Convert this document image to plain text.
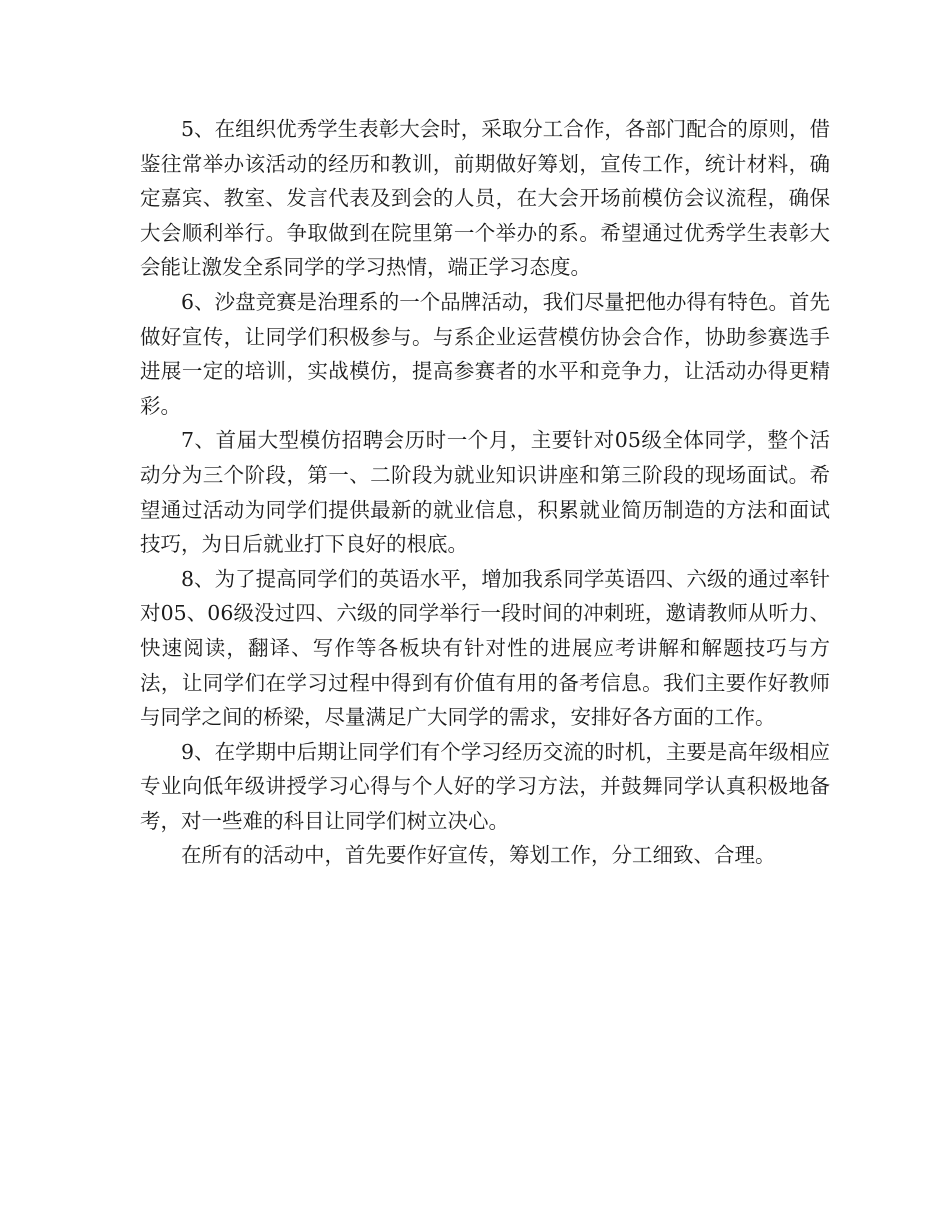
5、在组织优秀学生表彰大会时，采取分工合作，各部门配合的原则，借鉴往常举办该活动的经历和教训，前期做好筹划，宣传工作，统计材料，确定嘉宾、教室、发言代表及到会的人员，在大会开场前模仿会议流程，确保大会顺利举行。争取做到在院里第一个举办的系。希望通过优秀学生表彰大会能让激发全系同学的学习热情，端正学习态度。

6、沙盘竞赛是治理系的一个品牌活动，我们尽量把他办得有特色。首先做好宣传，让同学们积极参与。与系企业运营模仿协会合作，协助参赛选手进展一定的培训，实战模仿，提高参赛者的水平和竞争力，让活动办得更精彩。

7、首届大型模仿招聘会历时一个月，主要针对05级全体同学，整个活动分为三个阶段，第一、二阶段为就业知识讲座和第三阶段的现场面试。希望通过活动为同学们提供最新的就业信息，积累就业简历制造的方法和面试技巧，为日后就业打下良好的根底。

8、为了提高同学们的英语水平，增加我系同学英语四、六级的通过率针对05、06级没过四、六级的同学举行一段时间的冲刺班，邀请教师从听力、快速阅读，翻译、写作等各板块有针对性的进展应考讲解和解题技巧与方法，让同学们在学习过程中得到有价值有用的备考信息。我们主要作好教师与同学之间的桥梁，尽量满足广大同学的需求，安排好各方面的工作。

9、在学期中后期让同学们有个学习经历交流的时机，主要是高年级相应专业向低年级讲授学习心得与个人好的学习方法，并鼓舞同学认真积极地备考，对一些难的科目让同学们树立决心。

在所有的活动中，首先要作好宣传，筹划工作，分工细致、合理。
